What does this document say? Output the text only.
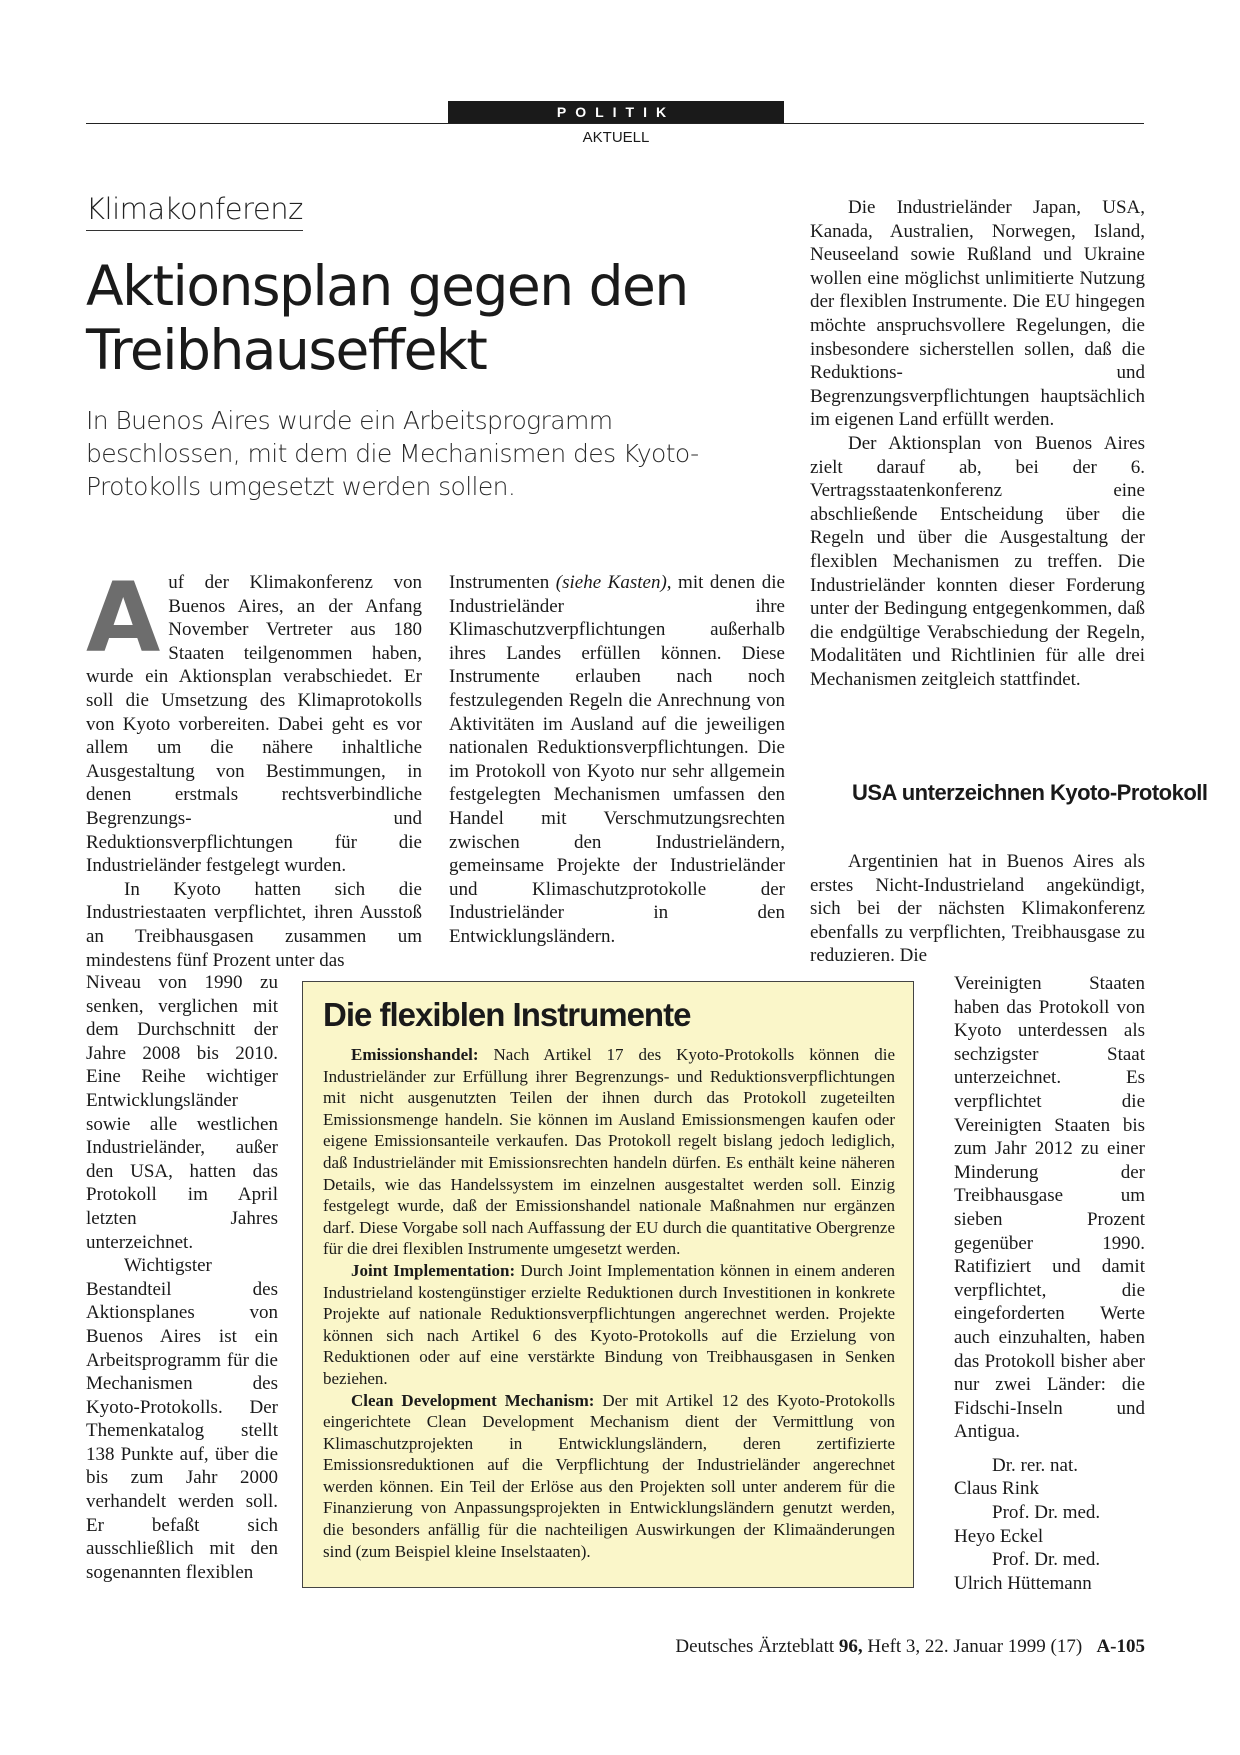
POLITIK
AKTUELL
Klimakonferenz
Aktionsplan gegen den Treibhauseffekt

In Buenos Aires wurde ein Arbeitsprogramm beschlossen, mit dem die Mechanismen des Kyoto-Protokolls umgesetzt werden sollen.

Auf der Klimakonferenz von Buenos Aires, an der Anfang November Vertreter aus 180 Staaten teilgenommen haben, wurde ein Aktionsplan verabschiedet. Er soll die Umsetzung des Klimaprotokolls von Kyoto vorbereiten. Dabei geht es vor allem um die nähere inhaltliche Ausgestaltung von Bestimmungen, in denen erstmals rechtsverbindliche Begrenzungs- und Reduktionsverpflichtungen für die Industrieländer festgelegt wurden.

In Kyoto hatten sich die Industriestaaten verpflichtet, ihren Ausstoß an Treibhausgasen zusammen um mindestens fünf Prozent unter das

Niveau von 1990 zu senken, verglichen mit dem Durchschnitt der Jahre 2008 bis 2010. Eine Reihe wichtiger Entwicklungsländer sowie alle westlichen Industrieländer, außer den USA, hatten das Protokoll im April letzten Jahres unterzeichnet.

Wichtigster Bestandteil des Aktionsplanes von Buenos Aires ist ein Arbeitsprogramm für die Mechanismen des Kyoto-Protokolls. Der Themenkatalog stellt 138 Punkte auf, über die bis zum Jahr 2000 verhandelt werden soll. Er befaßt sich ausschließlich mit den sogenannten flexiblen

Instrumenten (siehe Kasten), mit denen die Industrieländer ihre Klimaschutzverpflichtungen außerhalb ihres Landes erfüllen können. Diese Instrumente erlauben nach noch festzulegenden Regeln die Anrechnung von Aktivitäten im Ausland auf die jeweiligen nationalen Reduktionsverpflichtungen. Die im Protokoll von Kyoto nur sehr allgemein festgelegten Mechanismen umfassen den Handel mit Verschmutzungsrechten zwischen den Industrieländern, gemeinsame Projekte der Industrieländer und Klimaschutzprotokolle der Industrieländer in den Entwicklungsländern.

Die Industrieländer Japan, USA, Kanada, Australien, Norwegen, Island, Neuseeland sowie Rußland und Ukraine wollen eine möglichst unlimitierte Nutzung der flexiblen Instrumente. Die EU hingegen möchte anspruchsvollere Regelungen, die insbesondere sicherstellen sollen, daß die Reduktions- und Begrenzungsverpflichtungen hauptsächlich im eigenen Land erfüllt werden.

Der Aktionsplan von Buenos Aires zielt darauf ab, bei der 6. Vertragsstaatenkonferenz eine abschließende Entscheidung über die Regeln und über die Ausgestaltung der flexiblen Mechanismen zu treffen. Die Industrieländer konnten dieser Forderung unter der Bedingung entgegenkommen, daß die endgültige Verabschiedung der Regeln, Modalitäten und Richtlinien für alle drei Mechanismen zeitgleich stattfindet.

USA unterzeichnen Kyoto-Protokoll

Argentinien hat in Buenos Aires als erstes Nicht-Industrieland angekündigt, sich bei der nächsten Klimakonferenz ebenfalls zu verpflichten, Treibhausgase zu reduzieren. Die

Vereinigten Staaten haben das Protokoll von Kyoto unterdessen als sechzigster Staat unterzeichnet. Es verpflichtet die Vereinigten Staaten bis zum Jahr 2012 zu einer Minderung der Treibhausgase um sieben Prozent gegenüber 1990. Ratifiziert und damit verpflichtet, die eingeforderten Werte auch einzuhalten, haben das Protokoll bisher aber nur zwei Länder: die Fidschi-Inseln und Antigua.

Dr. rer. nat.
Claus Rink

Prof. Dr. med.
Heyo Eckel

Prof. Dr. med.
Ulrich Hüttemann

Die flexiblen Instrumente

Emissionshandel: Nach Artikel 17 des Kyoto-Protokolls können die Industrieländer zur Erfüllung ihrer Begrenzungs- und Reduktionsverpflichtungen mit nicht ausgenutzten Teilen der ihnen durch das Protokoll zugeteilten Emissionsmenge handeln. Sie können im Ausland Emissionsmengen kaufen oder eigene Emissionsanteile verkaufen. Das Protokoll regelt bislang jedoch lediglich, daß Industrieländer mit Emissionsrechten handeln dürfen. Es enthält keine näheren Details, wie das Handelssystem im einzelnen ausgestaltet werden soll. Einzig festgelegt wurde, daß der Emissionshandel nationale Maßnahmen nur ergänzen darf. Diese Vorgabe soll nach Auffassung der EU durch die quantitative Obergrenze für die drei flexiblen Instrumente umgesetzt werden.

Joint Implementation: Durch Joint Implementation können in einem anderen Industrieland kostengünstiger erzielte Reduktionen durch Investitionen in konkrete Projekte auf nationale Reduktionsverpflichtungen angerechnet werden. Projekte können sich nach Artikel 6 des Kyoto-Protokolls auf die Erzielung von Reduktionen oder auf eine verstärkte Bindung von Treibhausgasen in Senken beziehen.

Clean Development Mechanism: Der mit Artikel 12 des Kyoto-Protokolls eingerichtete Clean Development Mechanism dient der Vermittlung von Klimaschutzprojekten in Entwicklungsländern, deren zertifizierte Emissionsreduktionen auf die Verpflichtung der Industrieländer angerechnet werden können. Ein Teil der Erlöse aus den Projekten soll unter anderem für die Finanzierung von Anpassungsprojekten in Entwicklungsländern genutzt werden, die besonders anfällig für die nachteiligen Auswirkungen der Klimaänderungen sind (zum Beispiel kleine Inselstaaten).

Deutsches Ärzteblatt 96, Heft 3, 22. Januar 1999 (17) A-105
